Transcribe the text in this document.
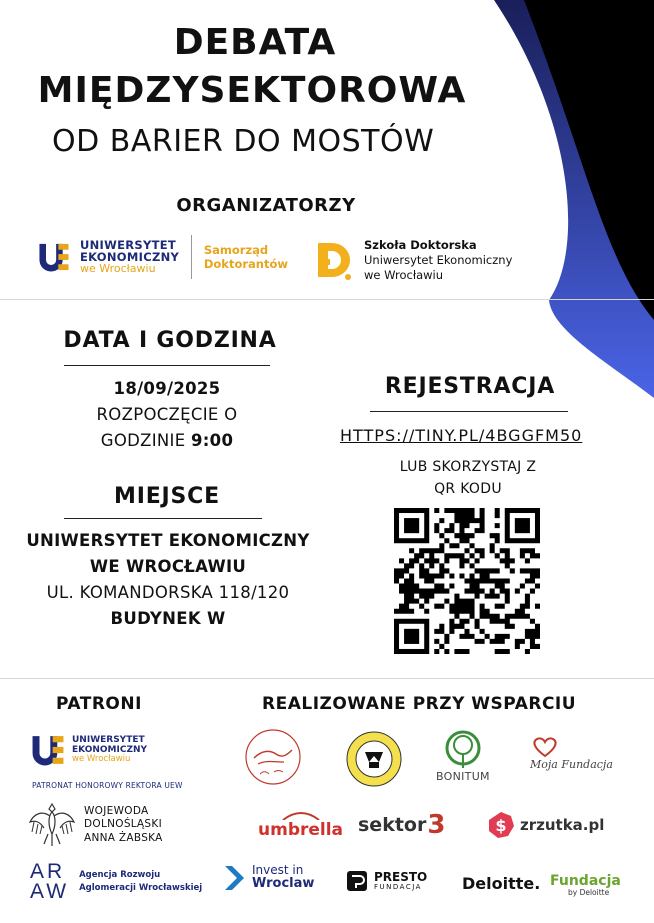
DEBATA
MIĘDZYSEKTOROWA
OD BARIER DO MOSTÓW
ORGANIZATORZY
UNIWERSYTET
EKONOMICZNY
we Wrocławiu
Samorząd
Doktorantów
Szkoła Doktorska
Uniwersytet Ekonomiczny
we Wrocławiu
DATA I GODZINA
18/09/2025
ROZPOCZĘCIE O
GODZINIE 9:00
MIEJSCE
UNIWERSYTET EKONOMICZNY
WE WROCŁAWIU
UL. KOMANDORSKA 118/120
BUDYNEK W
REJESTRACJA
HTTPS://TINY.PL/4BGGFM50
LUB SKORZYSTAJ Z
QR KODU
PATRONI	REALIZOWANE PRZY WSPARCIU
UNIWERSYTET
EKONOMICZNY
we Wrocławiu
PATRONAT HONOROWY REKTORA UEW
WOJEWODA
DOLNOŚLĄSKI
ANNA ŻABSKA
AR
AW
Agencja Rozwoju
Aglomeracji Wrocławskiej
BONITUM
Moja Fundacja
umbrella sektor 3	$ zrzutka.pl
Invest in
Wroclaw	PRESTO
FUNDACJA	Deloitte. Fundacja
by Deloitte
